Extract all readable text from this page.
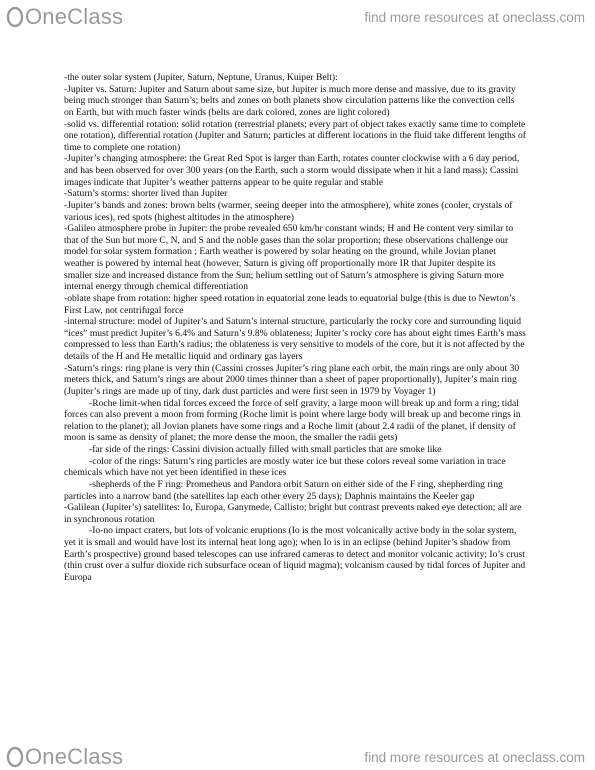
OneClass	find more resources at oneclass.com

-the outer solar system (Jupiter, Saturn, Neptune, Uranus, Kuiper Belt):

-Jupiter vs. Saturn: Jupiter and Saturn about same size, but Jupiter is much more dense and massive, due to its gravity being much stronger than Saturn’s; belts and zones on both planets show circulation patterns like the convection cells on Earth, but with much faster winds (belts are dark colored, zones are light colored)

-solid vs. differential rotation: solid rotation (terrestrial planets; every part of object takes exactly same time to complete one rotation), differential rotation (Jupiter and Saturn; particles at different locations in the fluid take different lengths of time to complete one rotation)

-Jupiter’s changing atmosphere: the Great Red Spot is larger than Earth, rotates counter clockwise with a 6 day period, and has been observed for over 300 years (on the Earth, such a storm would dissipate when it hit a land mass); Cassini images indicate that Jupiter’s weather patterns appear to be quite regular and stable

-Saturn’s storms: shorter lived than Jupiter

-Jupiter’s bands and zones: brown belts (warmer, seeing deeper into the atmosphere), white zones (cooler, crystals of various ices), red spots (highest altitudes in the atmosphere)

-Galileo atmosphere probe in Jupiter: the probe revealed 650 km/hr constant winds; H and He content very similar to that of the Sun but more C, N, and S and the noble gases than the solar proportion; these observations challenge our model for solar system formation ; Earth weather is powered by solar heating on the ground, while Jovian planet weather is powered by internal heat (however, Saturn is giving off proportionally more IR that Jupiter despite its smaller size and increased distance from the Sun; helium settling out of Saturn’s atmosphere is giving Saturn more internal energy through chemical differentiation

-oblate shape from rotation: higher speed rotation in equatorial zone leads to equatorial bulge (this is due to Newton’s First Law, not centrifugal force

-internal structure: model of Jupiter’s and Saturn’s internal structure, particularly the rocky core and surrounding liquid “ices” must predict Jupiter’s 6.4% and Saturn’s 9.8% oblateness; Jupiter’s rocky core has about eight times Earth’s mass compressed to less than Earth’s radius; the oblateness is very sensitive to models of the core, but it is not affected by the details of the H and He metallic liquid and ordinary gas layers

-Saturn’s rings: ring plane is very thin (Cassini crosses Jupiter’s ring plane each orbit, the main rings are only about 30 meters thick, and Saturn’s rings are about 2000 times thinner than a sheet of paper proportionally), Jupiter’s main ring (Jupiter’s rings are made up of tiny, dark dust particles and were first seen in 1979 by Voyager 1)

-Roche limit-when tidal forces exceed the force of self gravity, a large moon will break up and form a ring; tidal forces can also prevent a moon from forming (Roche limit is point where large body will break up and become rings in relation to the planet); all Jovian planets have some rings and a Roche limit (about 2.4 radii of the planet, if density of moon is same as density of planet; the more dense the moon, the smaller the radii gets)

-far side of the rings: Cassini division actually filled with small particles that are smoke like

-color of the rings: Saturn’s ring particles are mostly water ice but these colors reveal some variation in trace chemicals which have not yet been identified in these ices

-shepherds of the F ring: Prometheus and Pandora orbit Saturn on either side of the F ring, shepherding ring particles into a narrow band (the satellites lap each other every 25 days); Daphnis maintains the Keeler gap

-Galilean (Jupiter’s) satellites: Io, Europa, Ganymede, Callisto; bright but contrast prevents naked eye detection; all are in synchronous rotation

-Io-no impact craters, but lots of volcanic eruptions (Io is the most volcanically active body in the solar system, yet it is small and would have lost its internal heat long ago); when Io is in an eclipse (behind Jupiter’s shadow from Earth’s prospective) ground based telescopes can use infrared cameras to detect and monitor volcanic activity; Io’s crust (thin crust over a sulfur dioxide rich subsurface ocean of liquid magma); volcanism caused by tidal forces of Jupiter and Europa

OneClass	find more resources at oneclass.com
